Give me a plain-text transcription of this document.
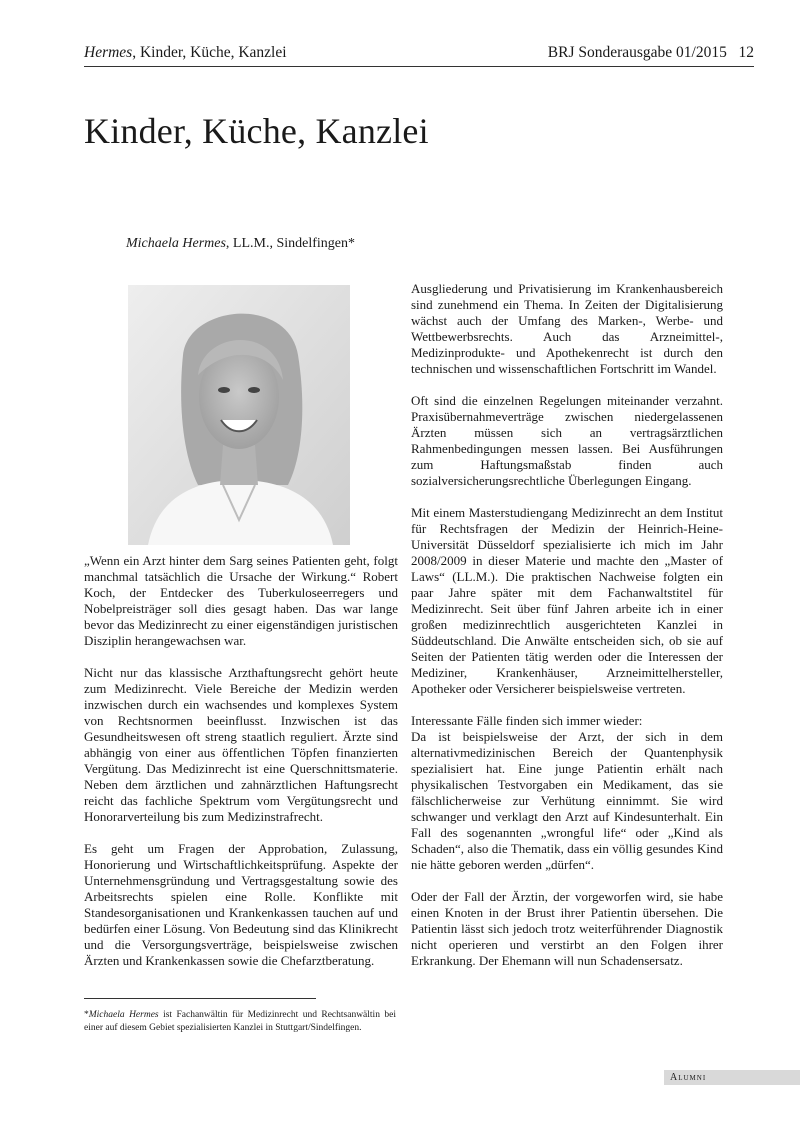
Hermes, Kinder, Küche, Kanzlei	BRJ Sonderausgabe 01/2015 12
Kinder, Küche, Kanzlei
Michaela Hermes, LL.M., Sindelfingen*

„Wenn ein Arzt hinter dem Sarg seines Patienten geht, folgt manchmal tatsächlich die Ursache der Wirkung.“ Robert Koch, der Entdecker des Tuberkuloseerregers und Nobelpreisträger soll dies gesagt haben. Das war lange bevor das Medizinrecht zu einer eigenständigen juristischen Disziplin herangewachsen war.

Nicht nur das klassische Arzthaftungsrecht gehört heute zum Medizinrecht. Viele Bereiche der Medizin werden inzwischen durch ein wachsendes und komplexes System von Rechtsnormen beeinflusst. Inzwischen ist das Gesundheitswesen oft streng staatlich reguliert. Ärzte sind abhängig von einer aus öffentlichen Töpfen finanzierten Vergütung. Das Medizinrecht ist eine Querschnittsmaterie. Neben dem ärztlichen und zahnärztlichen Haftungsrecht reicht das fachliche Spektrum vom Vergütungsrecht und Honorarverteilung bis zum Medizinstrafrecht.

Es geht um Fragen der Approbation, Zulassung, Honorierung und Wirtschaftlichkeitsprüfung. Aspekte der Unternehmensgründung und Vertragsgestaltung sowie des Arbeitsrechts spielen eine Rolle. Konflikte mit Standesorganisationen und Krankenkassen tauchen auf und bedürfen einer Lösung. Von Bedeutung sind das Klinikrecht und die Versorgungsverträge, beispielsweise zwischen Ärzten und Krankenkassen sowie die Chefarztberatung.

Ausgliederung und Privatisierung im Krankenhausbereich sind zunehmend ein Thema. In Zeiten der Digitalisierung wächst auch der Umfang des Marken-, Werbe- und Wettbewerbsrechts. Auch das Arzneimittel-, Medizinprodukte- und Apothekenrecht ist durch den technischen und wissenschaftlichen Fortschritt im Wandel.

Oft sind die einzelnen Regelungen miteinander verzahnt. Praxisübernahmeverträge zwischen niedergelassenen Ärzten müssen sich an vertragsärztlichen Rahmenbedingungen messen lassen. Bei Ausführungen zum Haftungsmaßstab finden auch sozialversicherungsrechtliche Überlegungen Eingang.

Mit einem Masterstudiengang Medizinrecht an dem Institut für Rechtsfragen der Medizin der Heinrich-Heine-Universität Düsseldorf spezialisierte ich mich im Jahr 2008/2009 in dieser Materie und machte den „Master of Laws“ (LL.M.). Die praktischen Nachweise folgten ein paar Jahre später mit dem Fachanwaltstitel für Medizinrecht. Seit über fünf Jahren arbeite ich in einer großen medizinrechtlich ausgerichteten Kanzlei in Süddeutschland. Die Anwälte entscheiden sich, ob sie auf Seiten der Patienten tätig werden oder die Interessen der Mediziner, Krankenhäuser, Arzneimittelhersteller, Apotheker oder Versicherer beispielsweise vertreten.

Interessante Fälle finden sich immer wieder:

Da ist beispielsweise der Arzt, der sich in dem alternativmedizinischen Bereich der Quantenphysik spezialisiert hat. Eine junge Patientin erhält nach physikalischen Testvorgaben ein Medikament, das sie fälschlicherweise zur Verhütung einnimmt. Sie wird schwanger und verklagt den Arzt auf Kindesunterhalt. Ein Fall des sogenannten „wrongful life“ oder „Kind als Schaden“, also die Thematik, dass ein völlig gesundes Kind nie hätte geboren werden „dürfen“.

Oder der Fall der Ärztin, der vorgeworfen wird, sie habe einen Knoten in der Brust ihrer Patientin übersehen. Die Patientin lässt sich jedoch trotz weiterführender Diagnostik nicht operieren und verstirbt an den Folgen ihrer Erkrankung. Der Ehemann will nun Schadensersatz.

*Michaela Hermes ist Fachanwältin für Medizinrecht und Rechtsanwältin bei einer auf diesem Gebiet spezialisierten Kanzlei in Stuttgart/Sindelfingen.
Alumni
